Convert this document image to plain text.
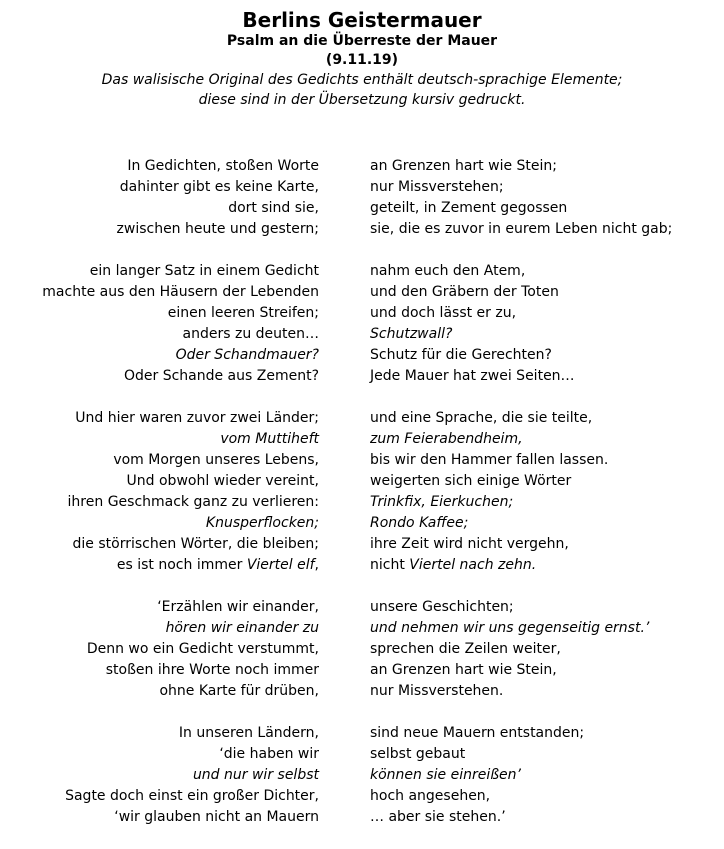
Berlins Geistermauer
Psalm an die Überreste der Mauer
(9.11.19)
Das walisische Original des Gedichts enthält deutsch-sprachige Elemente;
diese sind in der Übersetzung kursiv gedruckt.
In Gedichten, stoßen Worte	an Grenzen hart wie Stein;
dahinter gibt es keine Karte,	nur Missverstehen;
dort sind sie,	geteilt, in Zement gegossen
zwischen heute und gestern;	sie, die es zuvor in eurem Leben nicht gab;
ein langer Satz in einem Gedicht	nahm euch den Atem,
machte aus den Häusern der Lebenden	und den Gräbern der Toten
einen leeren Streifen;	und doch lässt er zu,
anders zu deuten…	Schutzwall?
Oder Schandmauer?	Schutz für die Gerechten?
Oder Schande aus Zement?	Jede Mauer hat zwei Seiten…
Und hier waren zuvor zwei Länder;	und eine Sprache, die sie teilte,
vom Muttiheft	zum Feierabendheim,
vom Morgen unseres Lebens,	bis wir den Hammer fallen lassen.
Und obwohl wieder vereint,	weigerten sich einige Wörter
ihren Geschmack ganz zu verlieren:	Trinkfix, Eierkuchen;
Knusperflocken;	Rondo Kaffee;
die störrischen Wörter, die bleiben;	ihre Zeit wird nicht vergehn,
es ist noch immer Viertel elf,	nicht Viertel nach zehn.
‘Erzählen wir einander,	unsere Geschichten;
hören wir einander zu	und nehmen wir uns gegenseitig ernst.’
Denn wo ein Gedicht verstummt,	sprechen die Zeilen weiter,
stoßen ihre Worte noch immer	an Grenzen hart wie Stein,
ohne Karte für drüben,	nur Missverstehen.
In unseren Ländern,	sind neue Mauern entstanden;
‘die haben wir	selbst gebaut
und nur wir selbst	können sie einreißen’
Sagte doch einst ein großer Dichter,	hoch angesehen,
‘wir glauben nicht an Mauern	… aber sie stehen.’
